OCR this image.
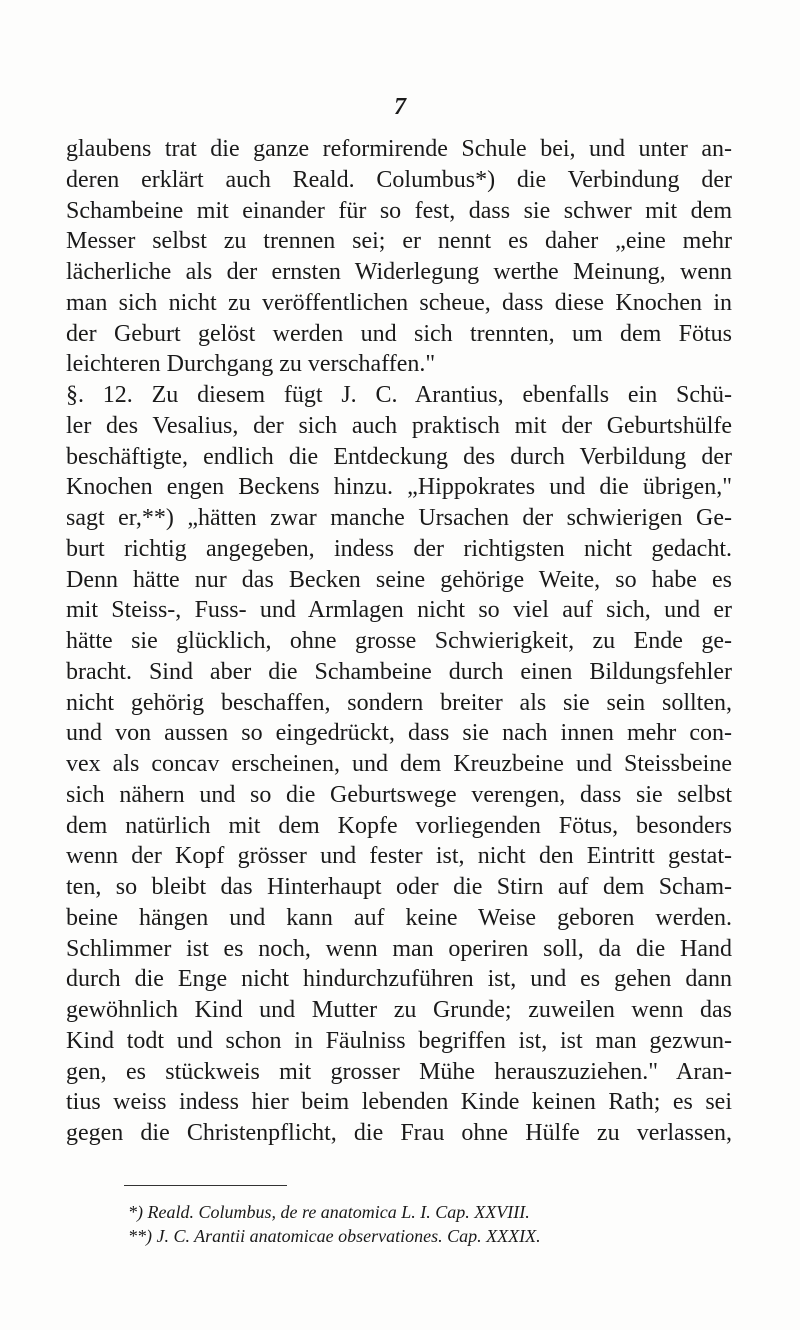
7
glaubens trat die ganze reformirende Schule bei, und unter an-
deren erklärt auch Reald. Columbus*) die Verbindung der
Schambeine mit einander für so fest, dass sie schwer mit dem
Messer selbst zu trennen sei; er nennt es daher „eine mehr
lächerliche als der ernsten Widerlegung werthe Meinung, wenn
man sich nicht zu veröffentlichen scheue, dass diese Knochen in
der Geburt gelöst werden und sich trennten, um dem Fötus
leichteren Durchgang zu verschaffen."
§. 12. Zu diesem fügt J. C. Arantius, ebenfalls ein Schü-
ler des Vesalius, der sich auch praktisch mit der Geburtshülfe
beschäftigte, endlich die Entdeckung des durch Verbildung der
Knochen engen Beckens hinzu. „Hippokrates und die übrigen,"
sagt er,**) „hätten zwar manche Ursachen der schwierigen Ge-
burt richtig angegeben, indess der richtigsten nicht gedacht.
Denn hätte nur das Becken seine gehörige Weite, so habe es
mit Steiss-, Fuss- und Armlagen nicht so viel auf sich, und er
hätte sie glücklich, ohne grosse Schwierigkeit, zu Ende ge-
bracht. Sind aber die Schambeine durch einen Bildungsfehler
nicht gehörig beschaffen, sondern breiter als sie sein sollten,
und von aussen so eingedrückt, dass sie nach innen mehr con-
vex als concav erscheinen, und dem Kreuzbeine und Steissbeine
sich nähern und so die Geburtswege verengen, dass sie selbst
dem natürlich mit dem Kopfe vorliegenden Fötus, besonders
wenn der Kopf grösser und fester ist, nicht den Eintritt gestat-
ten, so bleibt das Hinterhaupt oder die Stirn auf dem Scham-
beine hängen und kann auf keine Weise geboren werden.
Schlimmer ist es noch, wenn man operiren soll, da die Hand
durch die Enge nicht hindurchzuführen ist, und es gehen dann
gewöhnlich Kind und Mutter zu Grunde; zuweilen wenn das
Kind todt und schon in Fäulniss begriffen ist, ist man gezwun-
gen, es stückweis mit grosser Mühe herauszuziehen." Aran-
tius weiss indess hier beim lebenden Kinde keinen Rath; es sei
gegen die Christenpflicht, die Frau ohne Hülfe zu verlassen,
*) Reald. Columbus, de re anatomica L. I. Cap. XXVIII.
**) J. C. Arantii anatomicae observationes. Cap. XXXIX.
